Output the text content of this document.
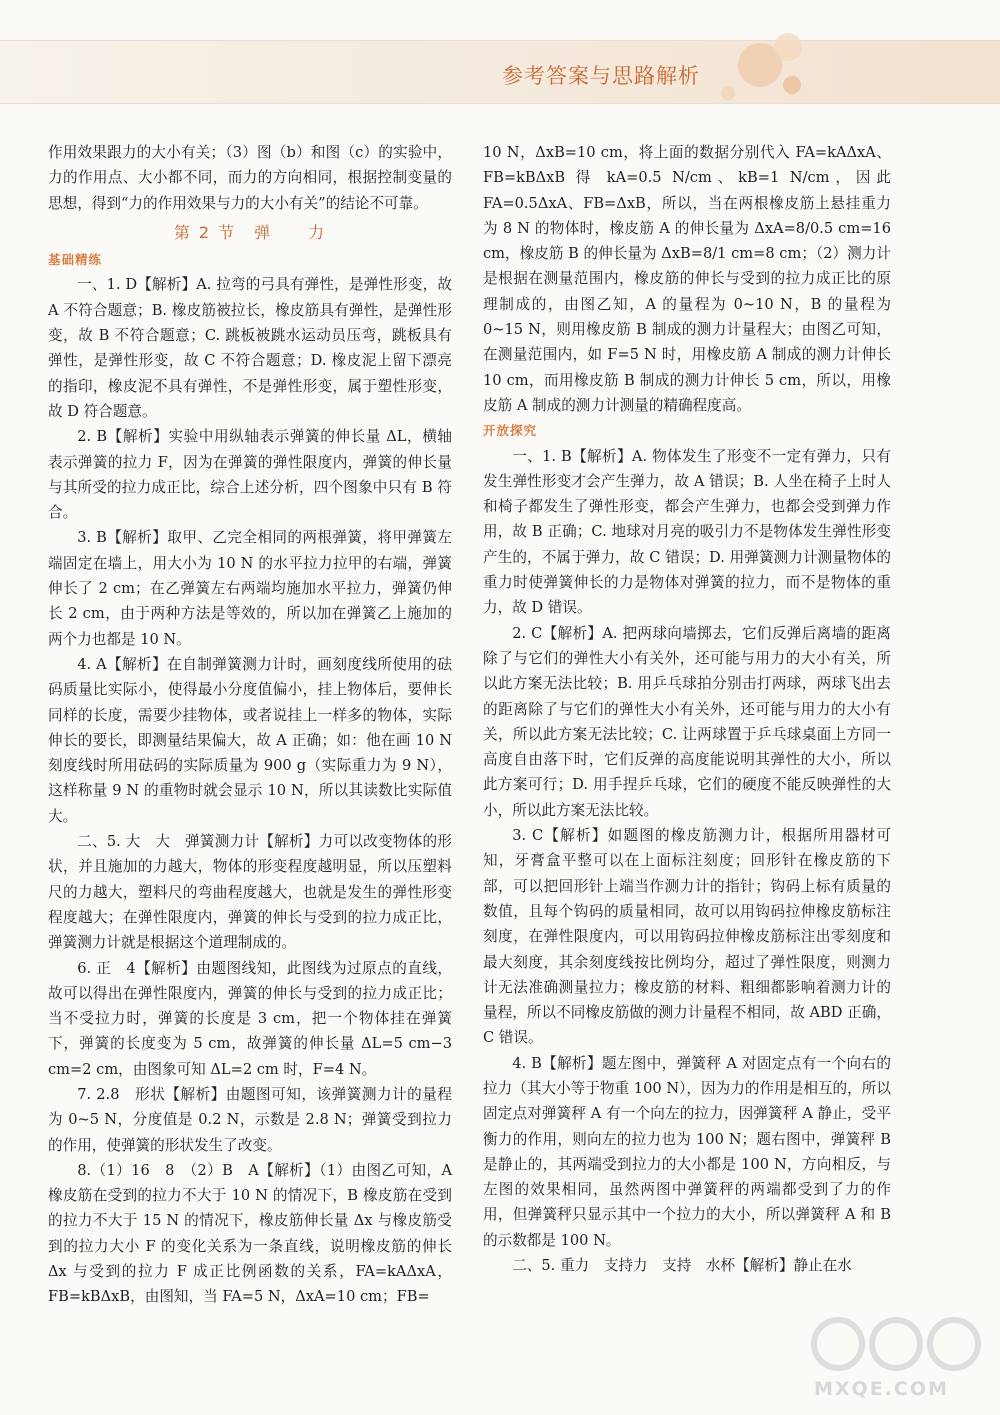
参考答案与思路解析

作用效果跟力的大小有关；（3）图（b）和图（c）的实验中，力的作用点、大小都不同，而力的方向相同，根据控制变量的思想，得到“力的作用效果与力的大小有关”的结论不可靠。

第 2 节　弹　　力

基础精练

一、1. D【解析】A. 拉弯的弓具有弹性，是弹性形变，故 A 不符合题意；B. 橡皮筋被拉长，橡皮筋具有弹性，是弹性形变，故 B 不符合题意；C. 跳板被跳水运动员压弯，跳板具有弹性，是弹性形变，故 C 不符合题意；D. 橡皮泥上留下漂亮的指印，橡皮泥不具有弹性，不是弹性形变，属于塑性形变，故 D 符合题意。

2. B【解析】实验中用纵轴表示弹簧的伸长量 ΔL，横轴表示弹簧的拉力 F，因为在弹簧的弹性限度内，弹簧的伸长量与其所受的拉力成正比，综合上述分析，四个图象中只有 B 符合。

3. B【解析】取甲、乙完全相同的两根弹簧，将甲弹簧左端固定在墙上，用大小为 10 N 的水平拉力拉甲的右端，弹簧伸长了 2 cm；在乙弹簧左右两端均施加水平拉力，弹簧仍伸长 2 cm，由于两种方法是等效的，所以加在弹簧乙上施加的两个力也都是 10 N。

4. A【解析】在自制弹簧测力计时，画刻度线所使用的砝码质量比实际小，使得最小分度值偏小，挂上物体后，要伸长同样的长度，需要少挂物体，或者说挂上一样多的物体，实际伸长的要长，即测量结果偏大，故 A 正确；如：他在画 10 N 刻度线时所用砝码的实际质量为 900 g（实际重力为 9 N），这样称量 9 N 的重物时就会显示 10 N，所以其读数比实际值大。

二、5. 大　大　弹簧测力计【解析】力可以改变物体的形状，并且施加的力越大，物体的形变程度越明显，所以压塑料尺的力越大，塑料尺的弯曲程度越大，也就是发生的弹性形变程度越大；在弹性限度内，弹簧的伸长与受到的拉力成正比，弹簧测力计就是根据这个道理制成的。

6. 正　4【解析】由题图线知，此图线为过原点的直线，故可以得出在弹性限度内，弹簧的伸长与受到的拉力成正比；当不受拉力时，弹簧的长度是 3 cm，把一个物体挂在弹簧下，弹簧的长度变为 5 cm，故弹簧的伸长量 ΔL=5 cm−3 cm=2 cm，由图象可知 ΔL=2 cm 时，F=4 N。

7. 2.8　形状【解析】由题图可知，该弹簧测力计的量程为 0~5 N，分度值是 0.2 N，示数是 2.8 N；弹簧受到拉力的作用，使弹簧的形状发生了改变。

8.（1）16　8　（2）B　A【解析】（1）由图乙可知，A 橡皮筋在受到的拉力不大于 10 N 的情况下，B 橡皮筋在受到的拉力不大于 15 N 的情况下，橡皮筋伸长量 Δx 与橡皮筋受到的拉力大小 F 的变化关系为一条直线，说明橡皮筋的伸长 Δx 与受到的拉力 F 成正比例函数的关系，FA=kAΔxA，FB=kBΔxB，由图知，当 FA=5 N，ΔxA=10 cm；FB=

10 N，ΔxB=10 cm，将上面的数据分别代入 FA=kAΔxA、FB=kBΔxB 得 kA=0.5 N/cm、kB=1 N/cm，因此 FA=0.5ΔxA、FB=ΔxB，所以，当在两根橡皮筋上悬挂重力为 8 N 的物体时，橡皮筋 A 的伸长量为 ΔxA=8/0.5 cm=16 cm，橡皮筋 B 的伸长量为 ΔxB=8/1 cm=8 cm；（2）测力计是根据在测量范围内，橡皮筋的伸长与受到的拉力成正比的原理制成的，由图乙知，A 的量程为 0~10 N，B 的量程为 0~15 N，则用橡皮筋 B 制成的测力计量程大；由图乙可知，在测量范围内，如 F=5 N 时，用橡皮筋 A 制成的测力计伸长 10 cm，而用橡皮筋 B 制成的测力计伸长 5 cm，所以，用橡皮筋 A 制成的测力计测量的精确程度高。

开放探究

一、1. B【解析】A. 物体发生了形变不一定有弹力，只有发生弹性形变才会产生弹力，故 A 错误；B. 人坐在椅子上时人和椅子都发生了弹性形变，都会产生弹力，也都会受到弹力作用，故 B 正确；C. 地球对月亮的吸引力不是物体发生弹性形变产生的，不属于弹力，故 C 错误；D. 用弹簧测力计测量物体的重力时使弹簧伸长的力是物体对弹簧的拉力，而不是物体的重力，故 D 错误。

2. C【解析】A. 把两球向墙掷去，它们反弹后离墙的距离除了与它们的弹性大小有关外，还可能与用力的大小有关，所以此方案无法比较；B. 用乒乓球拍分别击打两球，两球飞出去的距离除了与它们的弹性大小有关外，还可能与用力的大小有关，所以此方案无法比较；C. 让两球置于乒乓球桌面上方同一高度自由落下时，它们反弹的高度能说明其弹性的大小，所以此方案可行；D. 用手捏乒乓球，它们的硬度不能反映弹性的大小，所以此方案无法比较。

3. C【解析】如题图的橡皮筋测力计，根据所用器材可知，牙膏盒平整可以在上面标注刻度；回形针在橡皮筋的下部，可以把回形针上端当作测力计的指针；钩码上标有质量的数值，且每个钩码的质量相同，故可以用钩码拉伸橡皮筋标注刻度，在弹性限度内，可以用钩码拉伸橡皮筋标注出零刻度和最大刻度，其余刻度线按比例均分，超过了弹性限度，则测力计无法准确测量拉力；橡皮筋的材料、粗细都影响着测力计的量程，所以不同橡皮筋做的测力计量程不相同，故 ABD 正确，C 错误。

4. B【解析】题左图中，弹簧秤 A 对固定点有一个向右的拉力（其大小等于物重 100 N），因为力的作用是相互的，所以固定点对弹簧秤 A 有一个向左的拉力，因弹簧秤 A 静止，受平衡力的作用，则向左的拉力也为 100 N；题右图中，弹簧秤 B 是静止的，其两端受到拉力的大小都是 100 N，方向相反，与左图的效果相同，虽然两图中弹簧秤的两端都受到了力的作用，但弹簧秤只显示其中一个拉力的大小，所以弹簧秤 A 和 B 的示数都是 100 N。

二、5. 重力　支持力　支持　水杯【解析】静止在水

MXQE.COM
